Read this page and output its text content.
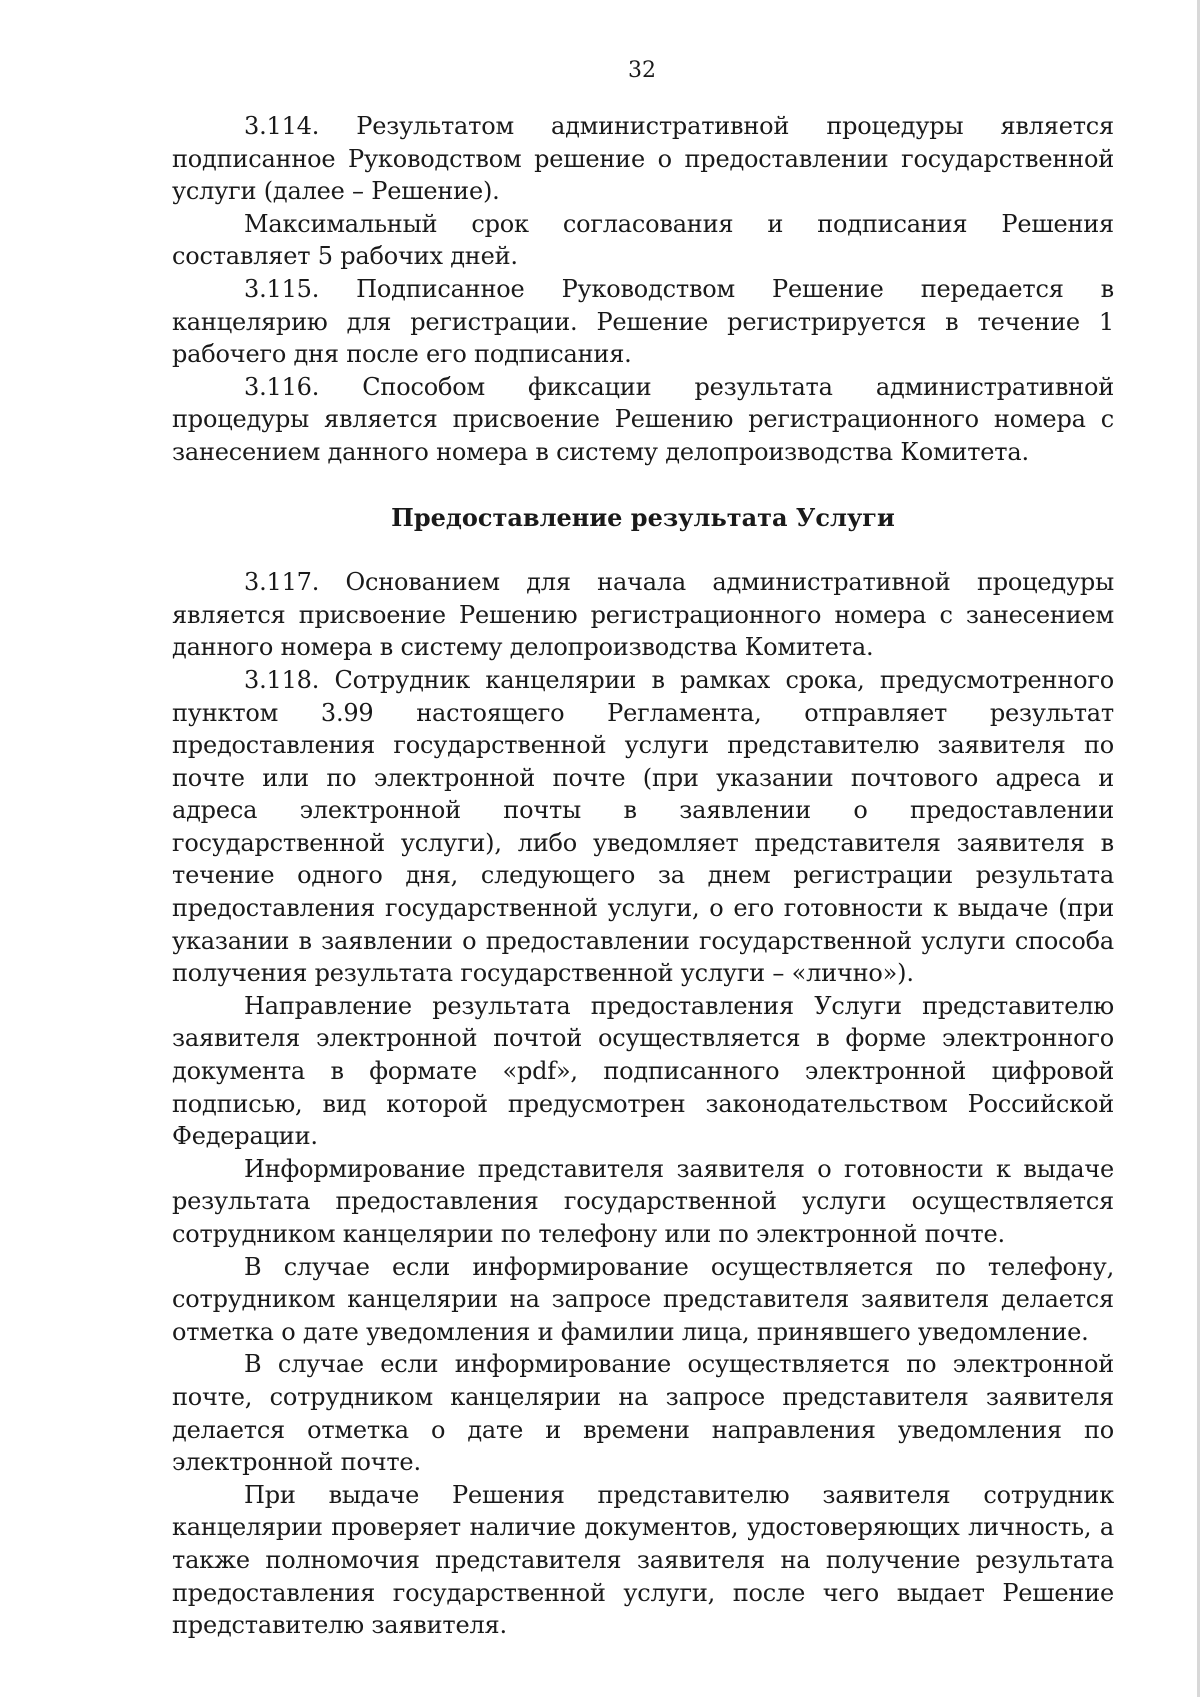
32

3.114. Результатом административной процедуры является подписанное Руководством решение о предоставлении государственной услуги (далее – Решение).

Максимальный срок согласования и подписания Решения составляет 5 рабочих дней.

3.115. Подписанное Руководством Решение передается в канцелярию для регистрации. Решение регистрируется в течение 1 рабочего дня после его подписания.

3.116. Способом фиксации результата административной процедуры является присвоение Решению регистрационного номера с занесением данного номера в систему делопроизводства Комитета.

Предоставление результата Услуги

3.117. Основанием для начала административной процедуры является присвоение Решению регистрационного номера с занесением данного номера в систему делопроизводства Комитета.

3.118. Сотрудник канцелярии в рамках срока, предусмотренного пунктом 3.99 настоящего Регламента, отправляет результат предоставления государственной услуги представителю заявителя по почте или по электронной почте (при указании почтового адреса и адреса электронной почты в заявлении о предоставлении государственной услуги), либо уведомляет представителя заявителя в течение одного дня, следующего за днем регистрации результата предоставления государственной услуги, о его готовности к выдаче (при указании в заявлении о предоставлении государственной услуги способа получения результата государственной услуги – «лично»).

Направление результата предоставления Услуги представителю заявителя электронной почтой осуществляется в форме электронного документа в формате «pdf», подписанного электронной цифровой подписью, вид которой предусмотрен законодательством Российской Федерации.

Информирование представителя заявителя о готовности к выдаче результата предоставления государственной услуги осуществляется сотрудником канцелярии по телефону или по электронной почте.

В случае если информирование осуществляется по телефону, сотрудником канцелярии на запросе представителя заявителя делается отметка о дате уведомления и фамилии лица, принявшего уведомление.

В случае если информирование осуществляется по электронной почте, сотрудником канцелярии на запросе представителя заявителя делается отметка о дате и времени направления уведомления по электронной почте.

При выдаче Решения представителю заявителя сотрудник канцелярии проверяет наличие документов, удостоверяющих личность, а также полномочия представителя заявителя на получение результата предоставления государственной услуги, после чего выдает Решение представителю заявителя.
